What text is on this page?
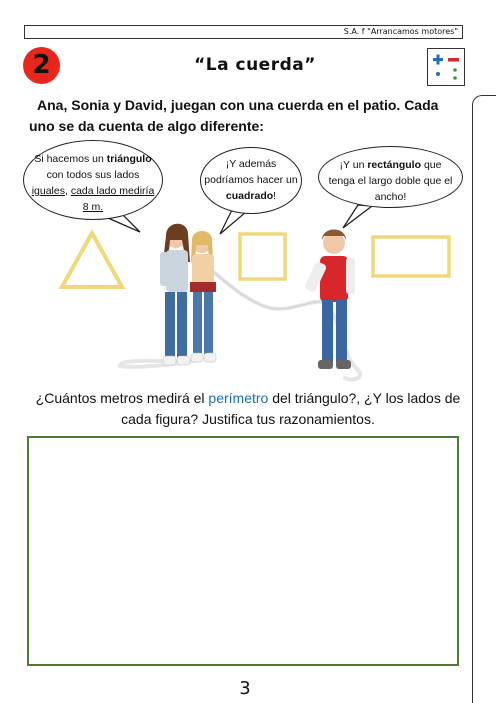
S.A. f "Arrancamos motores"
2	“La cuerda”
Ana, Sonia y David, juegan con una cuerda en el patio. Cada uno se da cuenta de algo diferente:
Si hacemos un triángulo con todos sus lados iguales, cada lado mediría 8 m.
¡Y además podríamos hacer un cuadrado!
¡Y un rectángulo que tenga el largo doble que el ancho!
¿Cuántos metros medirá el perímetro del triángulo?, ¿Y los lados de cada figura? Justifica tus razonamientos.
3
